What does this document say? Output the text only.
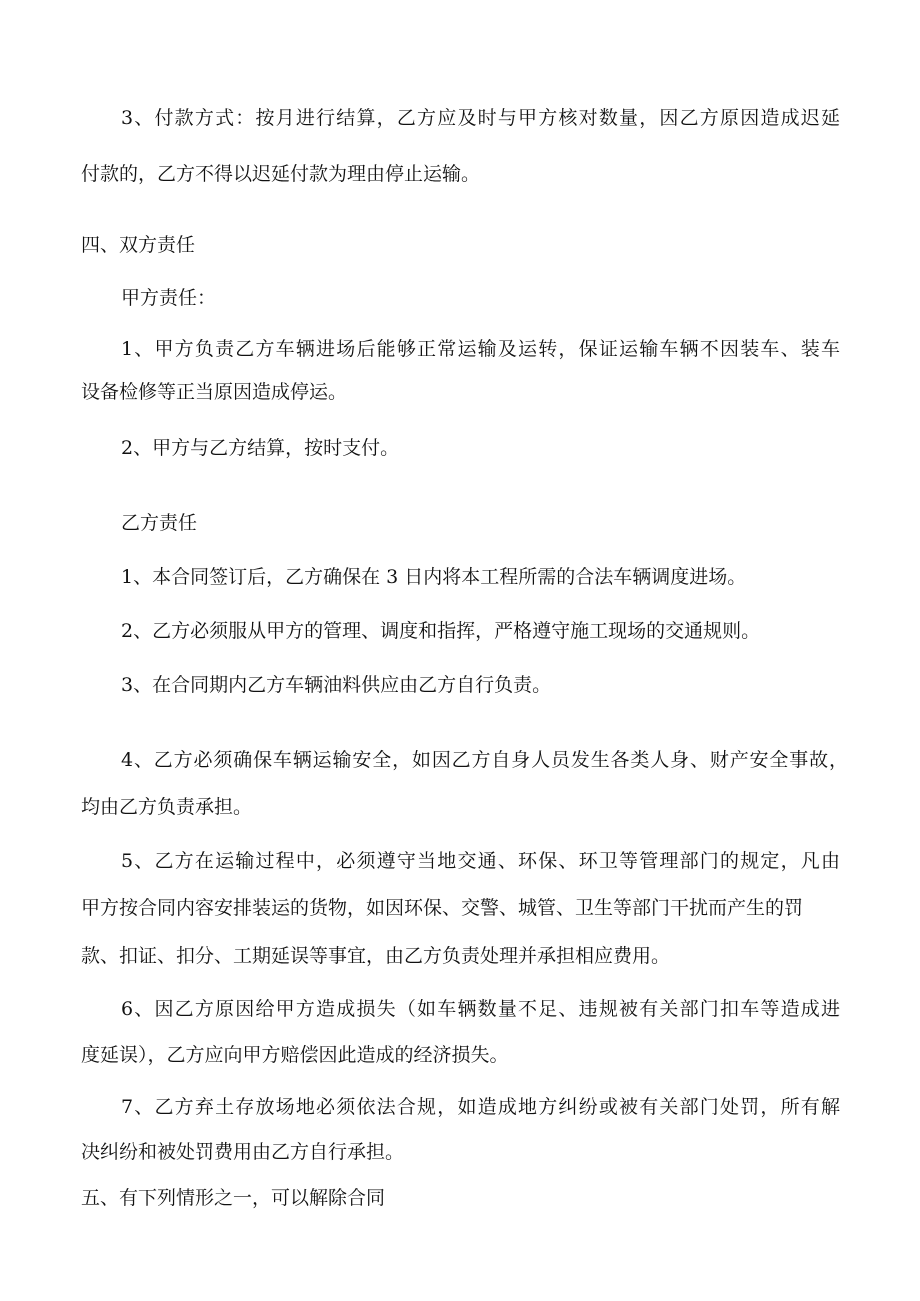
3、付款方式：按月进行结算，乙方应及时与甲方核对数量，因乙方原因造成迟延
付款的，乙方不得以迟延付款为理由停止运输。
四、双方责任
甲方责任：
1、甲方负责乙方车辆进场后能够正常运输及运转，保证运输车辆不因装车、装车
设备检修等正当原因造成停运。
2、甲方与乙方结算，按时支付。
乙方责任
1、本合同签订后，乙方确保在 3 日内将本工程所需的合法车辆调度进场。
2、乙方必须服从甲方的管理、调度和指挥，严格遵守施工现场的交通规则。
3、在合同期内乙方车辆油料供应由乙方自行负责。
4、乙方必须确保车辆运输安全，如因乙方自身人员发生各类人身、财产安全事故，
均由乙方负责承担。
5、乙方在运输过程中，必须遵守当地交通、环保、环卫等管理部门的规定，凡由
甲方按合同内容安排装运的货物，如因环保、交警、城管、卫生等部门干扰而产生的罚
款、扣证、扣分、工期延误等事宜，由乙方负责处理并承担相应费用。
6、因乙方原因给甲方造成损失（如车辆数量不足、违规被有关部门扣车等造成进
度延误），乙方应向甲方赔偿因此造成的经济损失。
7、乙方弃土存放场地必须依法合规，如造成地方纠纷或被有关部门处罚，所有解
决纠纷和被处罚费用由乙方自行承担。
五、有下列情形之一，可以解除合同
